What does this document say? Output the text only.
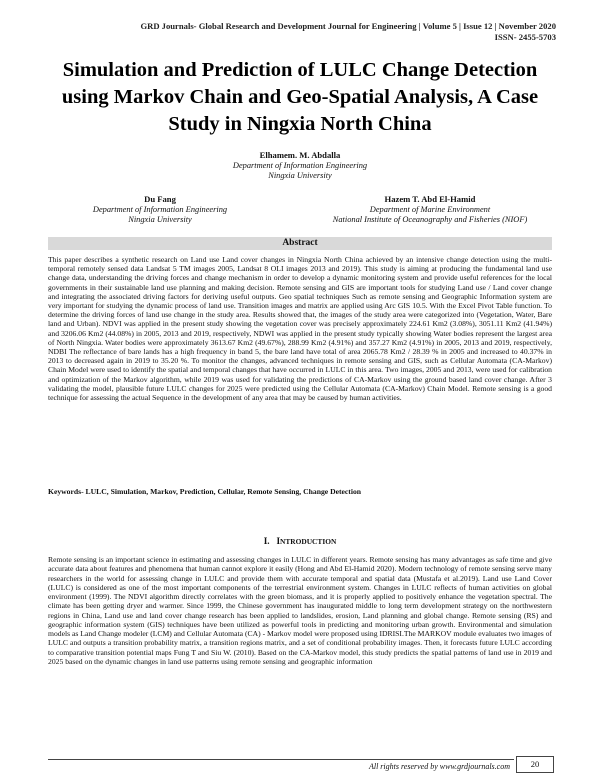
GRD Journals- Global Research and Development Journal for Engineering | Volume 5 | Issue 12 | November 2020
ISSN- 2455-5703
Simulation and Prediction of LULC Change Detection using Markov Chain and Geo-Spatial Analysis, A Case Study in Ningxia North China
Elhamem. M. Abdalla
Department of Information Engineering
Ningxia University
Du Fang
Department of Information Engineering
Ningxia University
Hazem T. Abd El-Hamid
Department of Marine Environment
National Institute of Oceanography and Fisheries (NIOF)
Abstract

This paper describes a synthetic research on Land use Land cover changes in Ningxia North China achieved by an intensive change detection using the multi-temporal remotely sensed data Landsat 5 TM images 2005, Landsat 8 OLI images 2013 and 2019). This study is aiming at producing the fundamental land use change data, understanding the driving forces and change mechanism in order to develop a dynamic monitoring system and provide useful references for the local governments in their sustainable land use planning and making decision. Remote sensing and GIS are important tools for studying Land use / Land cover change and integrating the associated driving factors for deriving useful outputs. Geo spatial techniques Such as remote sensing and Geographic Information system are very important for studying the dynamic process of land use. Transition images and matrix are applied using Arc GIS 10.5. With the Excel Pivot Table function. To determine the driving forces of land use change in the study area. Results showed that, the images of the study area were categorized into (Vegetation, Water, Bare land and Urban). NDVI was applied in the present study showing the vegetation cover was precisely approximately 224.61 Km2 (3.08%), 3051.11 Km2 (41.94%) and 3206.06 Km2 (44.08%) in 2005, 2013 and 2019, respectively, NDWI was applied in the present study typically showing Water bodies represent the largest area of North Ningxia. Water bodies were approximately 3613.67 Km2 (49.67%), 288.99 Km2 (4.91%) and 357.27 Km2 (4.91%) in 2005, 2013 and 2019, respectively, NDBI The reflectance of bare lands has a high frequency in band 5, the bare land have total of area 2065.78 Km2 / 28.39 % in 2005 and increased to 40.37% in 2013 to decreased again in 2019 to 35.20 %. To monitor the changes, advanced techniques in remote sensing and GIS, such as Cellular Automata (CA-Markov) Chain Model were used to identify the spatial and temporal changes that have occurred in LULC in this area. Two images, 2005 and 2013, were used for calibration and optimization of the Markov algorithm, while 2019 was used for validating the predictions of CA-Markov using the ground based land cover change. After 3 validating the model, plausible future LULC changes for 2025 were predicted using the Cellular Automata (CA-Markov) Chain Model. Remote sensing is a good technique for assessing the actual Sequence in the development of any area that may be caused by human activities.

Keywords- LULC, Simulation, Markov, Prediction, Cellular, Remote Sensing, Change Detection

I. INTRODUCTION

Remote sensing is an important science in estimating and assessing changes in LULC in different years. Remote sensing has many advantages as safe time and give accurate data about features and phenomena that human cannot explore it easily (Hong and Abd El-Hamid 2020). Modern technology of remote sensing serve many researchers in the world for assessing change in LULC and provide them with accurate temporal and spatial data (Mustafa et al.2019). Land use Land Cover (LULC) is considered as one of the most important components of the terrestrial environment system. Changes in LULC reflects of human activities on global environment (1999). The NDVI algorithm directly correlates with the green biomass, and it is properly applied to positively enhance the vegetation spectral. The climate has been getting dryer and warmer. Since 1999, the Chinese government has inaugurated middle to long term development strategy on the northwestern regions in China, Land use and land cover change research has been applied to landslides, erosion, Land planning and global change. Remote sensing (RS) and geographic information system (GIS) techniques have been utilized as powerful tools in predicting and monitoring urban growth. Environmental and simulation models as Land Change modeler (LCM) and Cellular Automata (CA) - Markov model were proposed using IDRISI.The MARKOV module evaluates two images of LULC and outputs a transition probability matrix, a transition regions matrix, and a set of conditional probability images. Then, it forecasts future LULC according to comparative transition potential maps Fung T and Siu W. (2010). Based on the CA-Markov model, this study predicts the spatial patterns of land use in 2019 and 2025 based on the dynamic changes in land use patterns using remote sensing and geographic information

All rights reserved by www.grdjournals.com	20
